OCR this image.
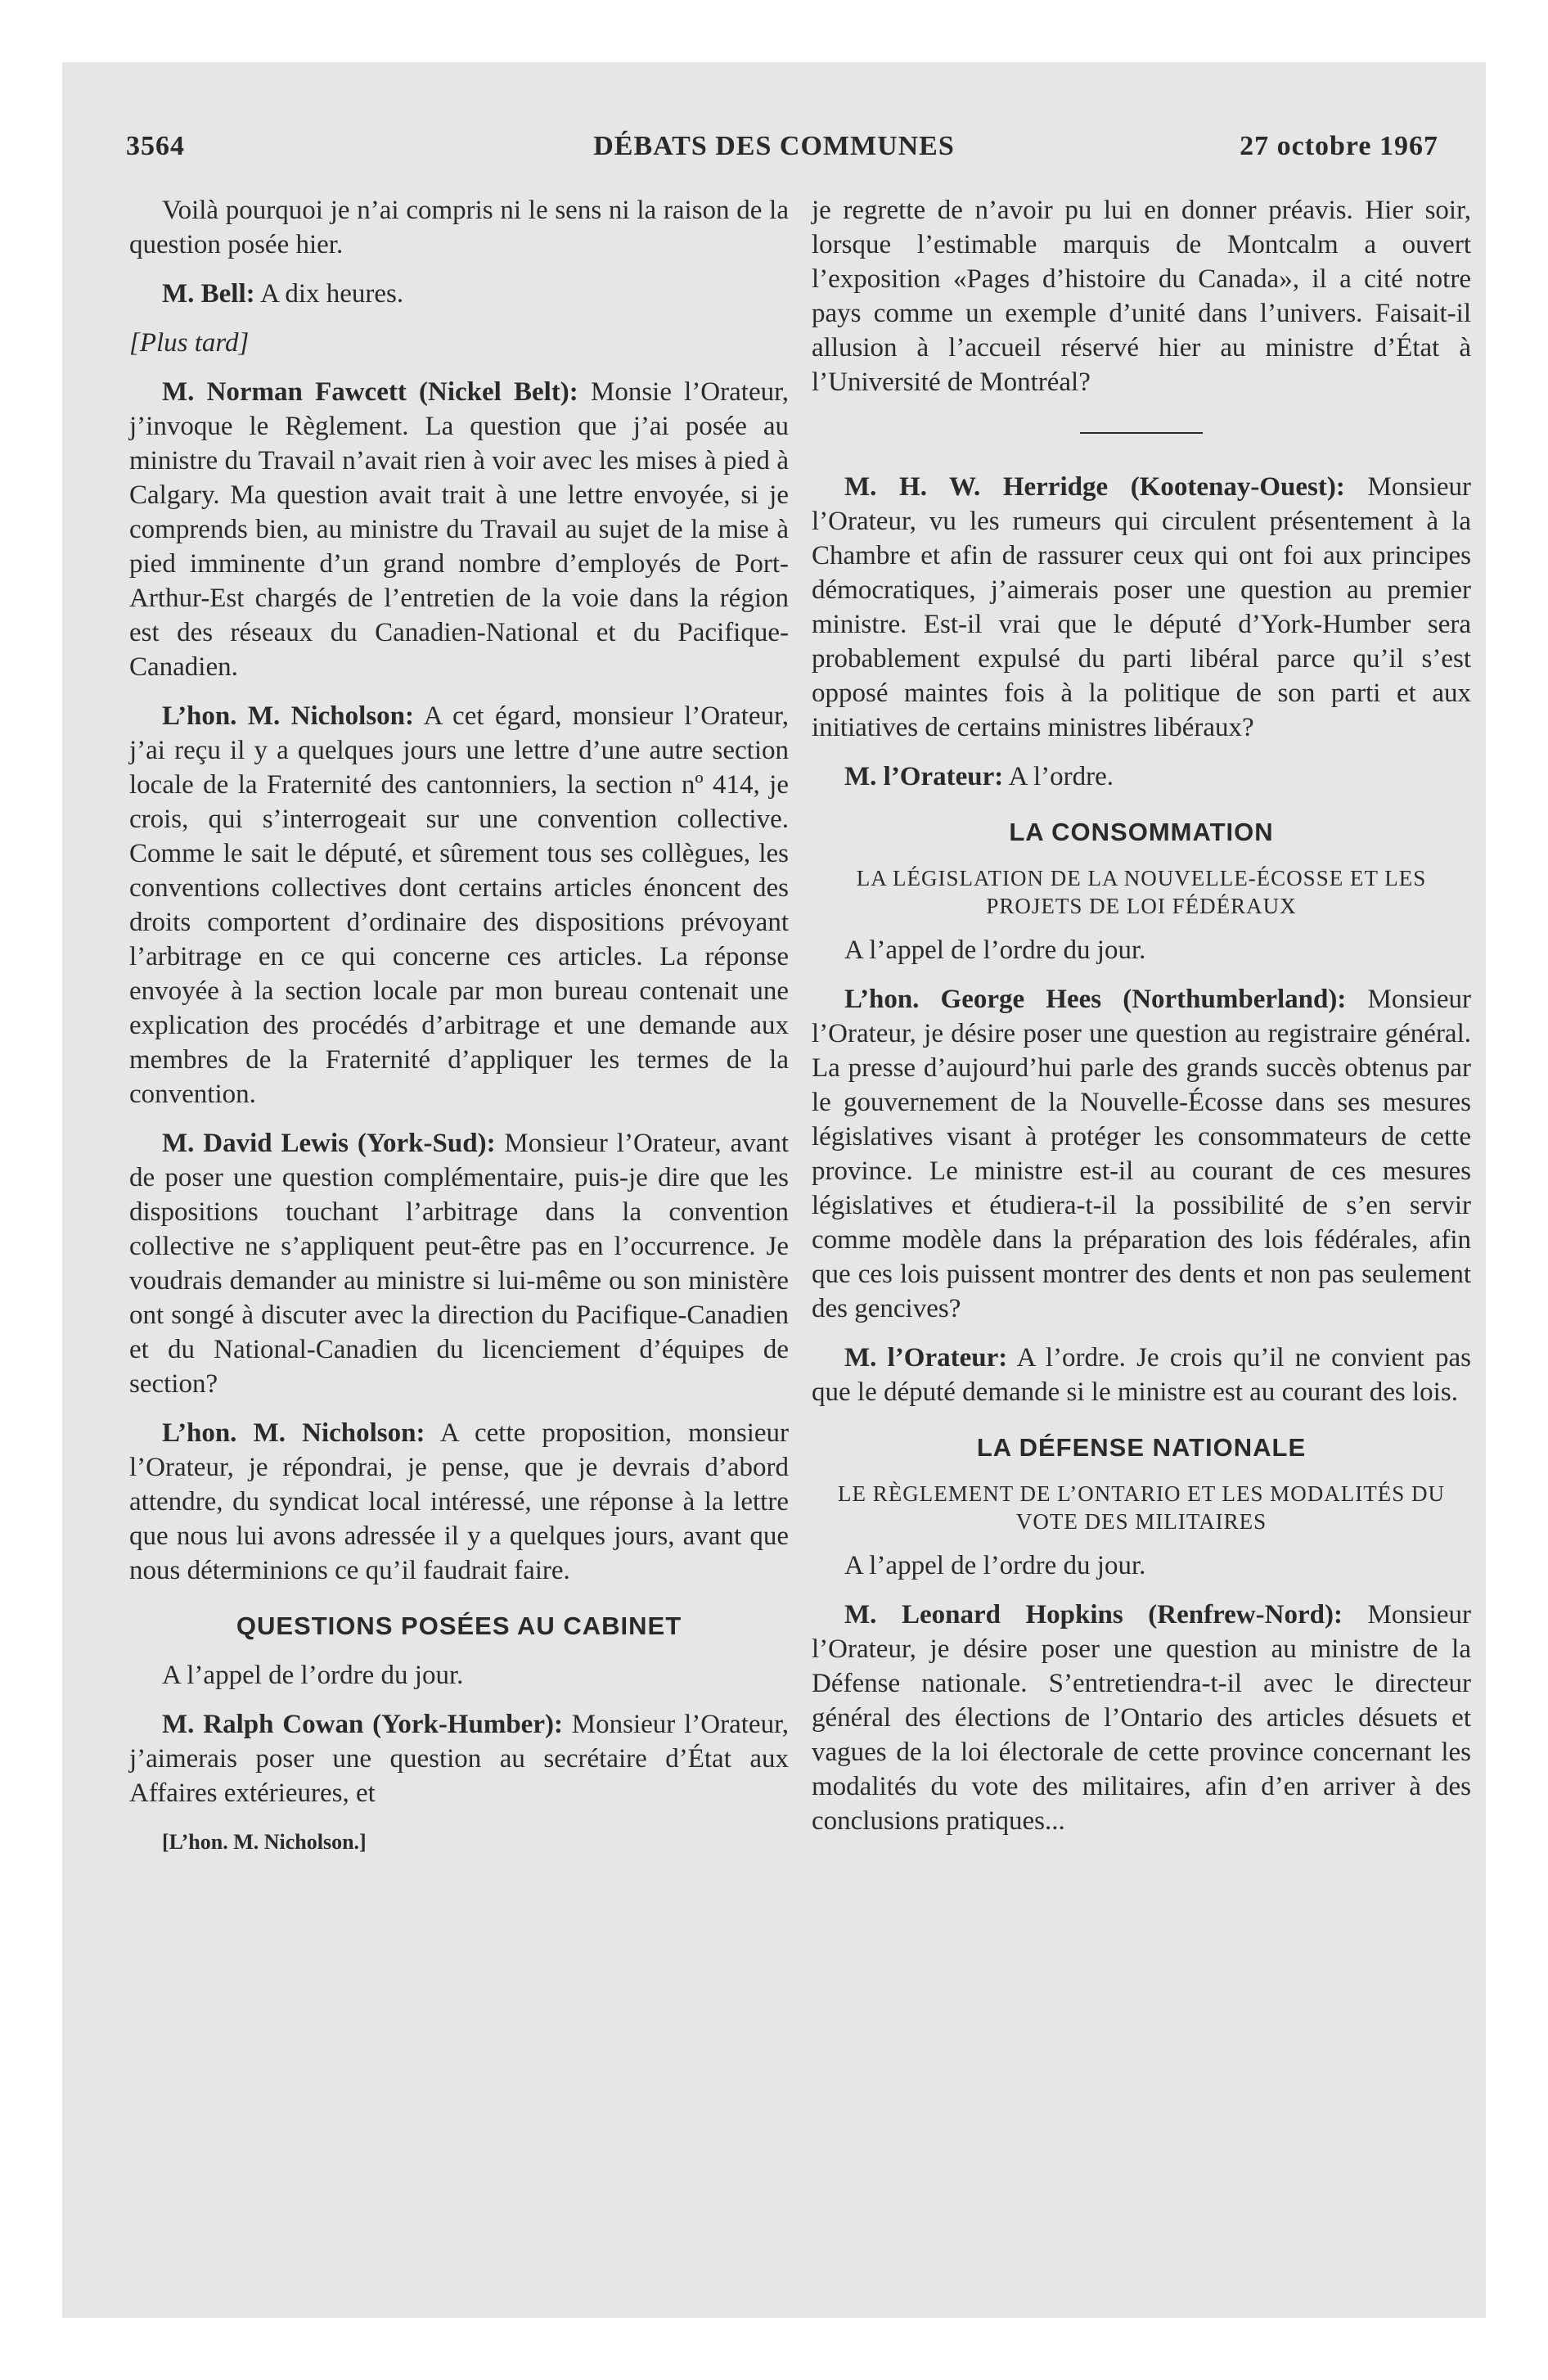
3564	DÉBATS DES COMMUNES	27 octobre 1967

Voilà pourquoi je n’ai compris ni le sens ni la raison de la question posée hier.

M. Bell: A dix heures.

[Plus tard]

M. Norman Fawcett (Nickel Belt): Monsie l’Orateur, j’invoque le Règlement. La question que j’ai posée au ministre du Travail n’avait rien à voir avec les mises à pied à Calgary. Ma question avait trait à une lettre envoyée, si je comprends bien, au ministre du Travail au sujet de la mise à pied imminente d’un grand nombre d’employés de Port-Arthur-Est chargés de l’entretien de la voie dans la région est des réseaux du Canadien-National et du Pacifique-Canadien.

L’hon. M. Nicholson: A cet égard, monsieur l’Orateur, j’ai reçu il y a quelques jours une lettre d’une autre section locale de la Fraternité des cantonniers, la section nº 414, je crois, qui s’interrogeait sur une convention collective. Comme le sait le député, et sûrement tous ses collègues, les conventions collectives dont certains articles énoncent des droits comportent d’ordinaire des dispositions prévoyant l’arbitrage en ce qui concerne ces articles. La réponse envoyée à la section locale par mon bureau contenait une explication des procédés d’arbitrage et une demande aux membres de la Fraternité d’appliquer les termes de la convention.

M. David Lewis (York-Sud): Monsieur l’Orateur, avant de poser une question complémentaire, puis-je dire que les dispositions touchant l’arbitrage dans la convention collective ne s’appliquent peut-être pas en l’occurrence. Je voudrais demander au ministre si lui-même ou son ministère ont songé à discuter avec la direction du Pacifique-Canadien et du National-Canadien du licenciement d’équipes de section?

L’hon. M. Nicholson: A cette proposition, monsieur l’Orateur, je répondrai, je pense, que je devrais d’abord attendre, du syndicat local intéressé, une réponse à la lettre que nous lui avons adressée il y a quelques jours, avant que nous déterminions ce qu’il faudrait faire.

QUESTIONS POSÉES AU CABINET

A l’appel de l’ordre du jour.

M. Ralph Cowan (York-Humber): Monsieur l’Orateur, j’aimerais poser une question au secrétaire d’État aux Affaires extérieures, et

[L’hon. M. Nicholson.]

je regrette de n’avoir pu lui en donner préavis. Hier soir, lorsque l’estimable marquis de Montcalm a ouvert l’exposition «Pages d’histoire du Canada», il a cité notre pays comme un exemple d’unité dans l’univers. Faisait-il allusion à l’accueil réservé hier au ministre d’État à l’Université de Montréal?

M. H. W. Herridge (Kootenay-Ouest): Monsieur l’Orateur, vu les rumeurs qui circulent présentement à la Chambre et afin de rassurer ceux qui ont foi aux principes démocratiques, j’aimerais poser une question au premier ministre. Est-il vrai que le député d’York-Humber sera probablement expulsé du parti libéral parce qu’il s’est opposé maintes fois à la politique de son parti et aux initiatives de certains ministres libéraux?

M. l’Orateur: A l’ordre.

LA CONSOMMATION
LA LÉGISLATION DE LA NOUVELLE-ÉCOSSE ET LES PROJETS DE LOI FÉDÉRAUX

A l’appel de l’ordre du jour.

L’hon. George Hees (Northumberland): Monsieur l’Orateur, je désire poser une question au registraire général. La presse d’aujourd’hui parle des grands succès obtenus par le gouvernement de la Nouvelle-Écosse dans ses mesures législatives visant à protéger les consommateurs de cette province. Le ministre est-il au courant de ces mesures législatives et étudiera-t-il la possibilité de s’en servir comme modèle dans la préparation des lois fédérales, afin que ces lois puissent montrer des dents et non pas seulement des gencives?

M. l’Orateur: A l’ordre. Je crois qu’il ne convient pas que le député demande si le ministre est au courant des lois.

LA DÉFENSE NATIONALE
LE RÈGLEMENT DE L’ONTARIO ET LES MODALITÉS DU VOTE DES MILITAIRES

A l’appel de l’ordre du jour.

M. Leonard Hopkins (Renfrew-Nord): Monsieur l’Orateur, je désire poser une question au ministre de la Défense nationale. S’entretiendra-t-il avec le directeur général des élections de l’Ontario des articles désuets et vagues de la loi électorale de cette province concernant les modalités du vote des militaires, afin d’en arriver à des conclusions pratiques...
